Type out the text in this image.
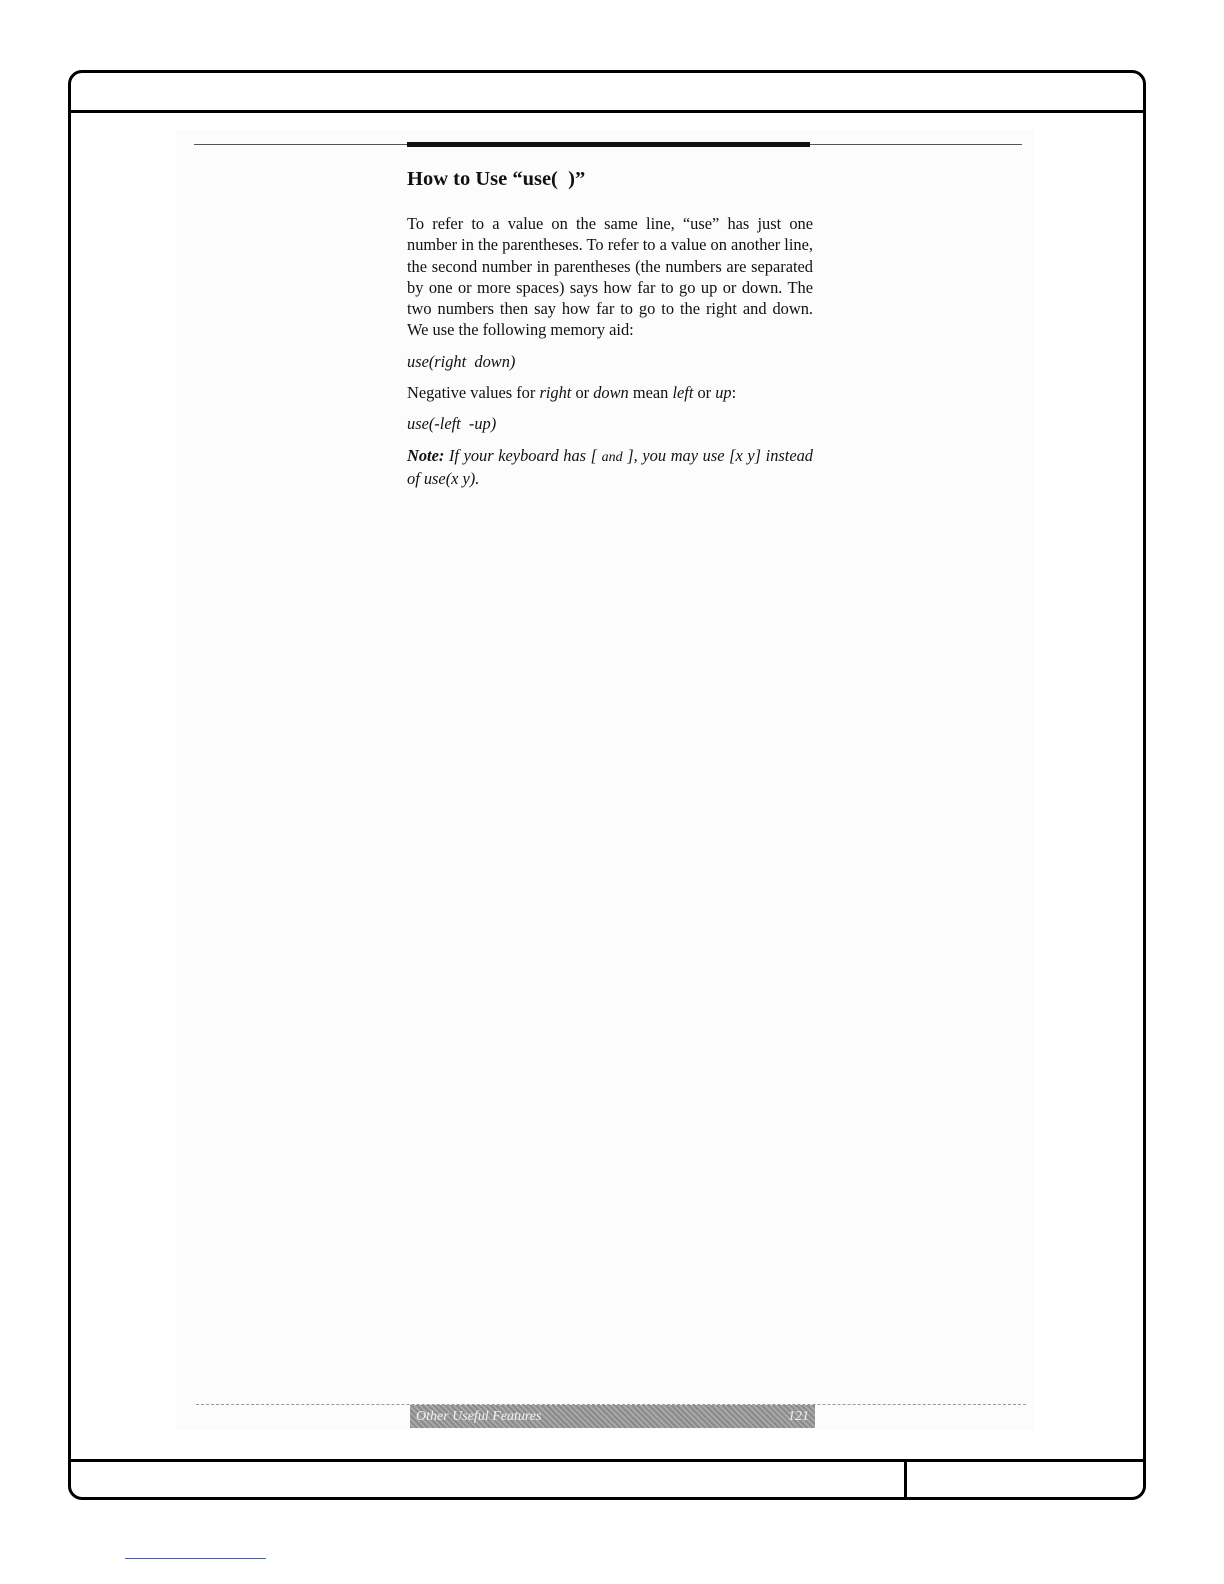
How to Use “use(  )”

To refer to a value on the same line, “use” has just one number in the parentheses. To refer to a value on another line, the second number in parentheses (the numbers are separated by one or more spaces) says how far to go up or down. The two numbers then say how far to go to the right and down. We use the following memory aid:

use(right  down)

Negative values for right or down mean left or up:

use(-left  -up)

Note: If your keyboard has [ and ], you may use [x y] instead of use(x y).

Other Useful Features	121
